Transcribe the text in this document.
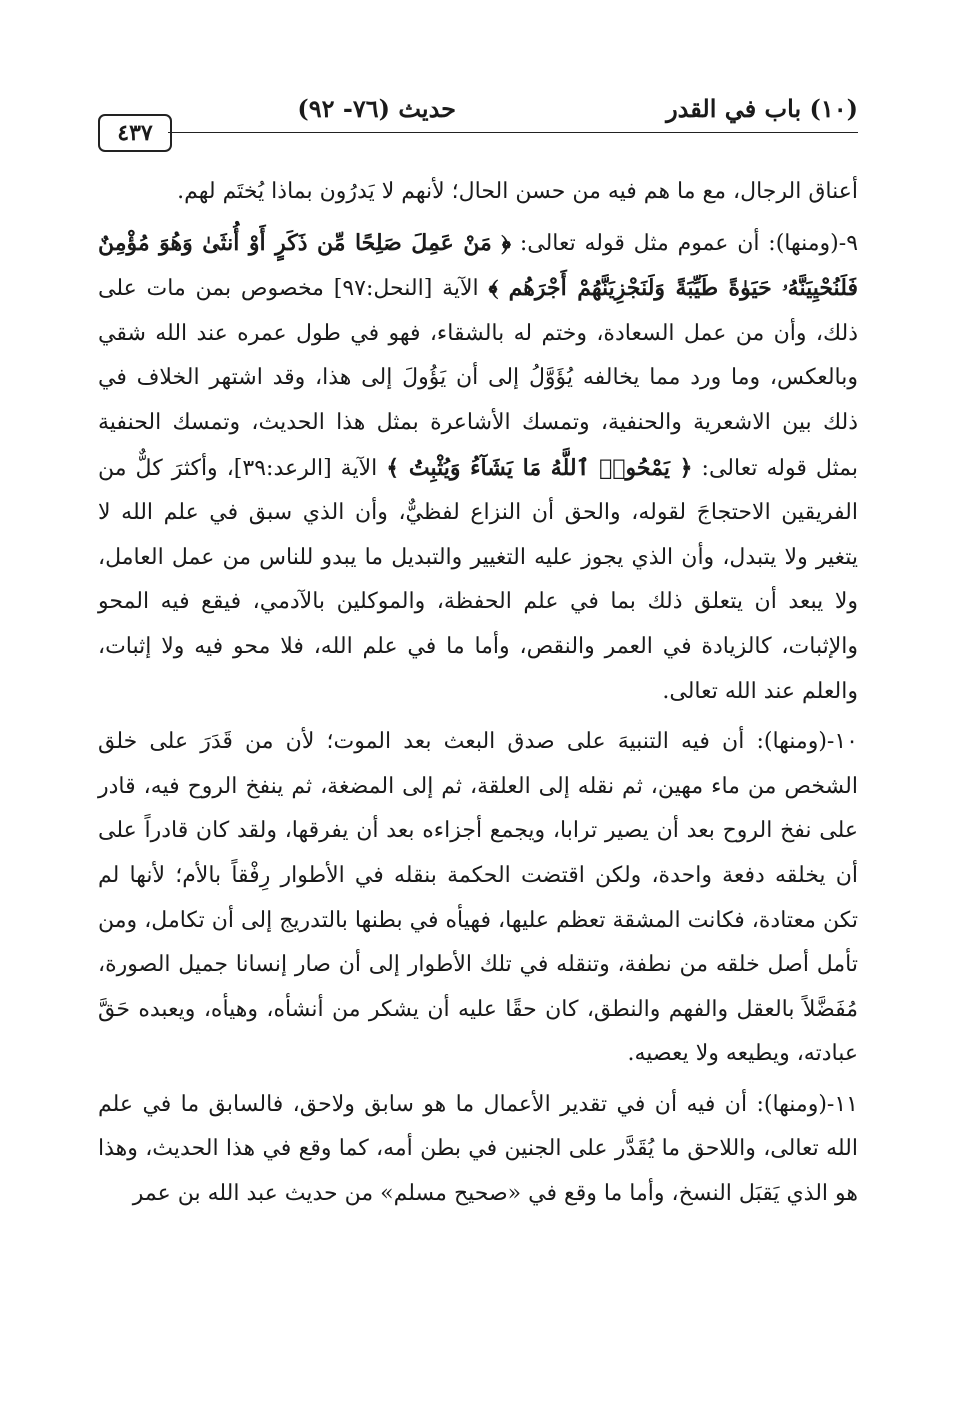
(١٠) باب في القدر
حديث (٧٦- ٩٢)
٤٣٧

أعناق الرجال، مع ما هم فيه من حسن الحال؛ لأنهم لا يَدرُون بماذا يُختَم لهم.

٩-(ومنها): أن عموم مثل قوله تعالى: ﴿ مَنْ عَمِلَ صَلِحًا مِّن ذَكَرٍ أَوْ أُنثَىٰ وَهُوَ مُؤْمِنٌ فَلَنُحْيِيَنَّهُۥ حَيَوٰةً طَيِّبَةً وَلَنَجْزِيَنَّهُمْ أَجْرَهُم ﴾ الآية [النحل:٩٧] مخصوص بمن مات على ذلك، وأن من عمل السعادة، وختم له بالشقاء، فهو في طول عمره عند الله شقي وبالعكس، وما ورد مما يخالفه يُؤَوَّلُ إلى أن يَؤُولَ إلى هذا، وقد اشتهر الخلاف في ذلك بين الاشعرية والحنفية، وتمسك الأشاعرة بمثل هذا الحديث، وتمسك الحنفية بمثل قوله تعالى: ﴿ يَمْحُوا۟ ٱللَّهُ مَا يَشَآءُ وَيُثْبِتُ ﴾ الآية [الرعد:٣٩]، وأكثرَ كلٌّ من الفريقين الاحتجاجَ لقوله، والحق أن النزاع لفظيٌّ، وأن الذي سبق في علم الله لا يتغير ولا يتبدل، وأن الذي يجوز عليه التغيير والتبديل ما يبدو للناس من عمل العامل، ولا يبعد أن يتعلق ذلك بما في علم الحفظة، والموكلين بالآدمي، فيقع فيه المحو والإثبات، كالزيادة في العمر والنقص، وأما ما في علم الله، فلا محو فيه ولا إثبات، والعلم عند الله تعالى.

١٠-(ومنها): أن فيه التنبيهَ على صدق البعث بعد الموت؛ لأن من قَدَرَ على خلق الشخص من ماء مهين، ثم نقله إلى العلقة، ثم إلى المضغة، ثم ينفخ الروح فيه، قادر على نفخ الروح بعد أن يصير ترابا، ويجمع أجزاءه بعد أن يفرقها، ولقد كان قادراً على أن يخلقه دفعة واحدة، ولكن اقتضت الحكمة بنقله في الأطوار رِفْقاً بالأم؛ لأنها لم تكن معتادة، فكانت المشقة تعظم عليها، فهيأه في بطنها بالتدريج إلى أن تكامل، ومن تأمل أصل خلقه من نطفة، وتنقله في تلك الأطوار إلى أن صار إنسانا جميل الصورة، مُفَضَّلاً بالعقل والفهم والنطق، كان حقًا عليه أن يشكر من أنشأه، وهيأه، ويعبده حَقَّ عبادته، ويطيعه ولا يعصيه.

١١-(ومنها): أن فيه أن في تقدير الأعمال ما هو سابق ولاحق، فالسابق ما في علم الله تعالى، واللاحق ما يُقَدَّر على الجنين في بطن أمه، كما وقع في هذا الحديث، وهذا هو الذي يَقبَل النسخ، وأما ما وقع في «صحيح مسلم» من حديث عبد الله بن عمر
